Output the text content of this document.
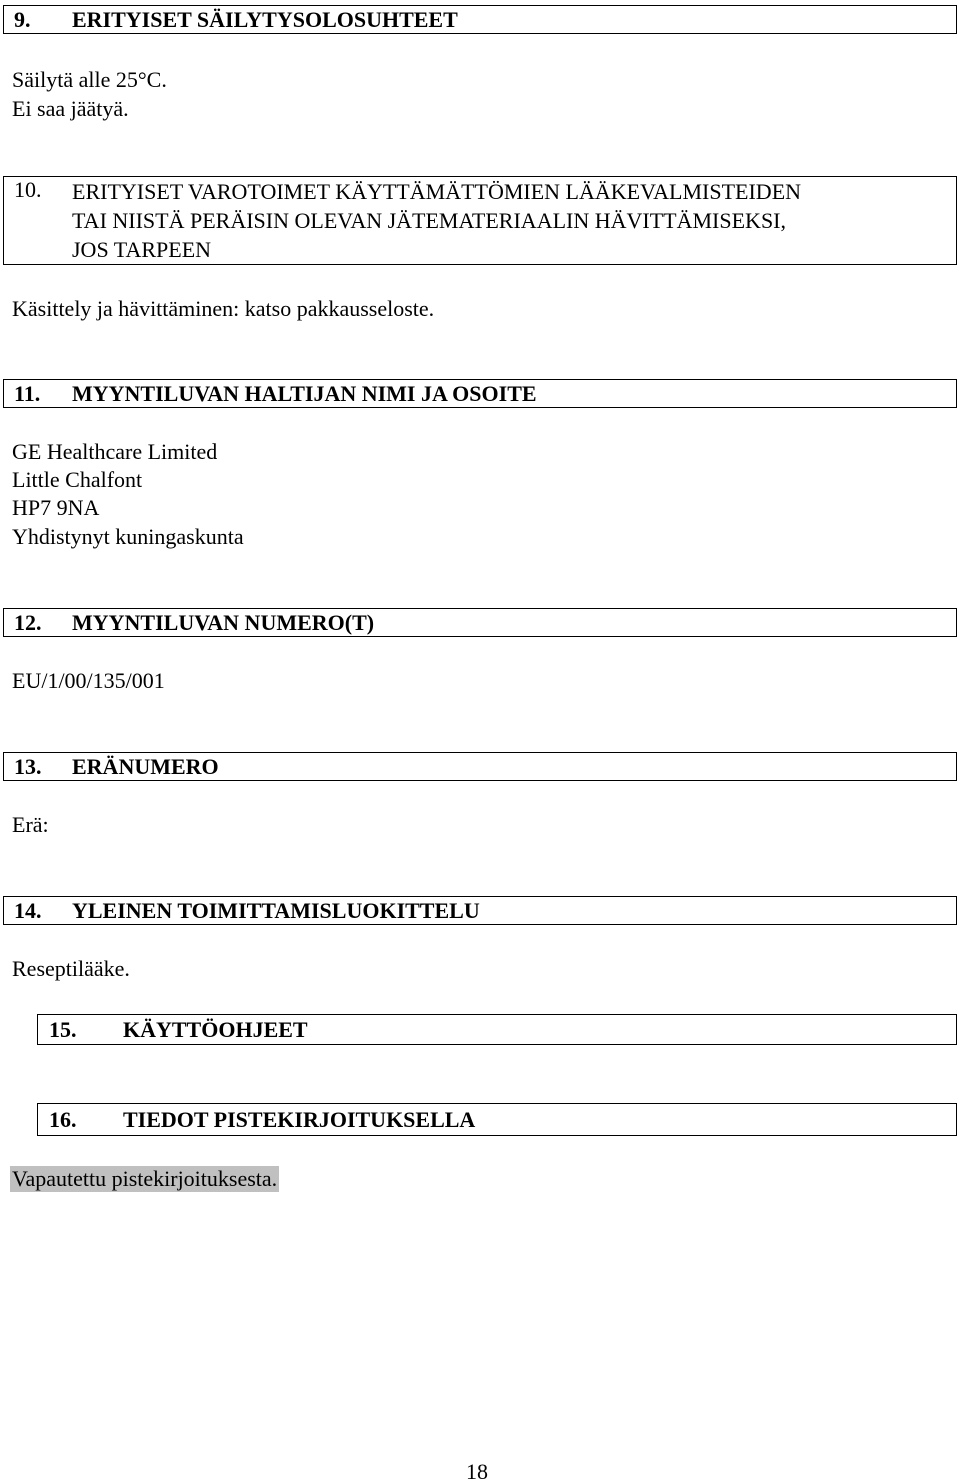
9. ERITYISET SÄILYTYSOLOSUHTEET
Säilytä alle 25°C.
Ei saa jäätyä.
10. ERITYISET VAROTOIMET KÄYTTÄMÄTTÖMIEN LÄÄKEVALMISTEIDEN
TAI NIISTÄ PERÄISIN OLEVAN JÄTEMATERIAALIN HÄVITTÄMISEKSI,
JOS TARPEEN
Käsittely ja hävittäminen: katso pakkausseloste.
11. MYYNTILUVAN HALTIJAN NIMI JA OSOITE
GE Healthcare Limited
Little Chalfont
HP7 9NA
Yhdistynyt kuningaskunta
12. MYYNTILUVAN NUMERO(T)
EU/1/00/135/001
13. ERÄNUMERO
Erä:
14. YLEINEN TOIMITTAMISLUOKITTELU
Reseptilääke.
15. KÄYTTÖOHJEET
16. TIEDOT PISTEKIRJOITUKSELLA
Vapautettu pistekirjoituksesta.
18
